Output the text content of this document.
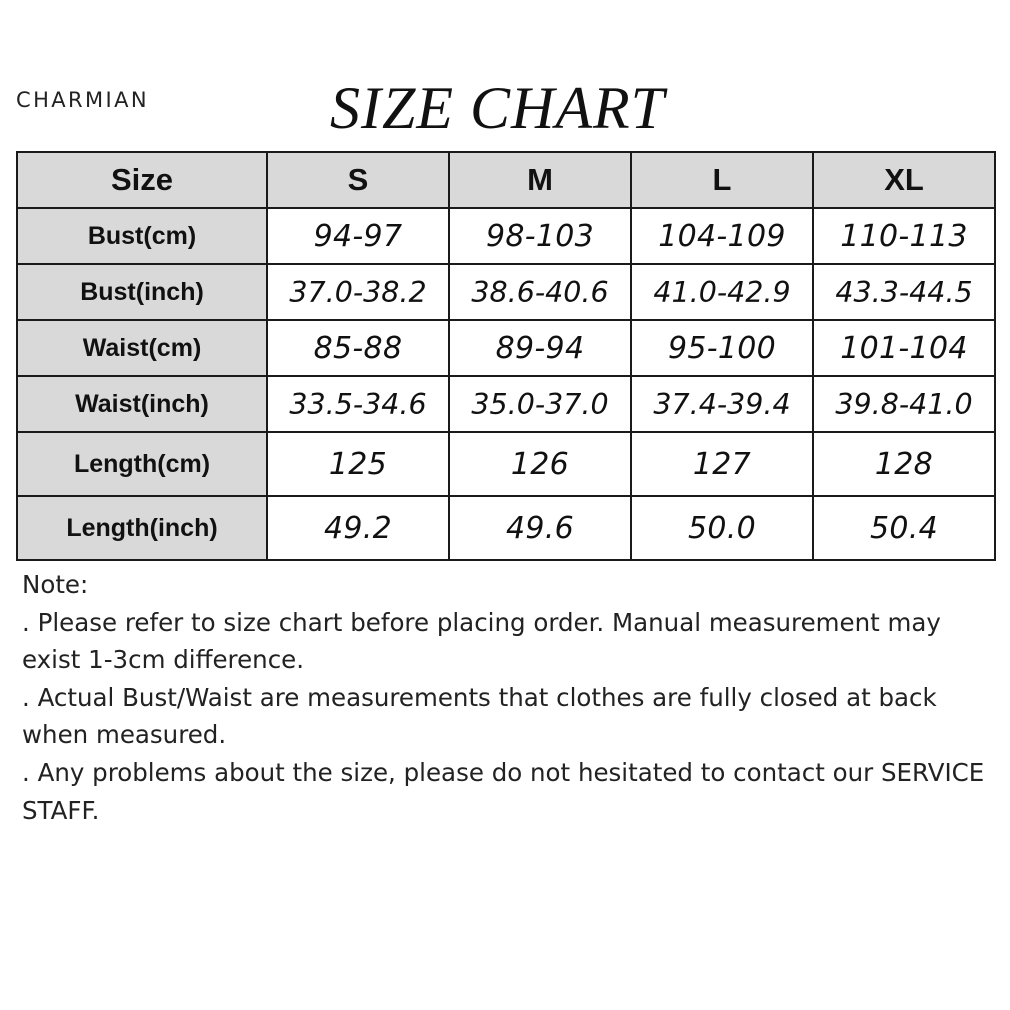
CHARMIAN	SIZE CHART
Size	S	M	L	XL
Bust(cm)	94-97	98-103	104-109	110-113
Bust(inch)	37.0-38.2	38.6-40.6	41.0-42.9	43.3-44.5
Waist(cm)	85-88	89-94	95-100	101-104
Waist(inch)	33.5-34.6	35.0-37.0	37.4-39.4	39.8-41.0
Length(cm)	125	126	127	128
Length(inch)	49.2	49.6	50.0	50.4

Note:

. Please refer to size chart before placing order. Manual measurement may exist 1-3cm difference.

. Actual Bust/Waist are measurements that clothes are fully closed at back when measured.

. Any problems about the size, please do not hesitated to contact our SERVICE STAFF.
